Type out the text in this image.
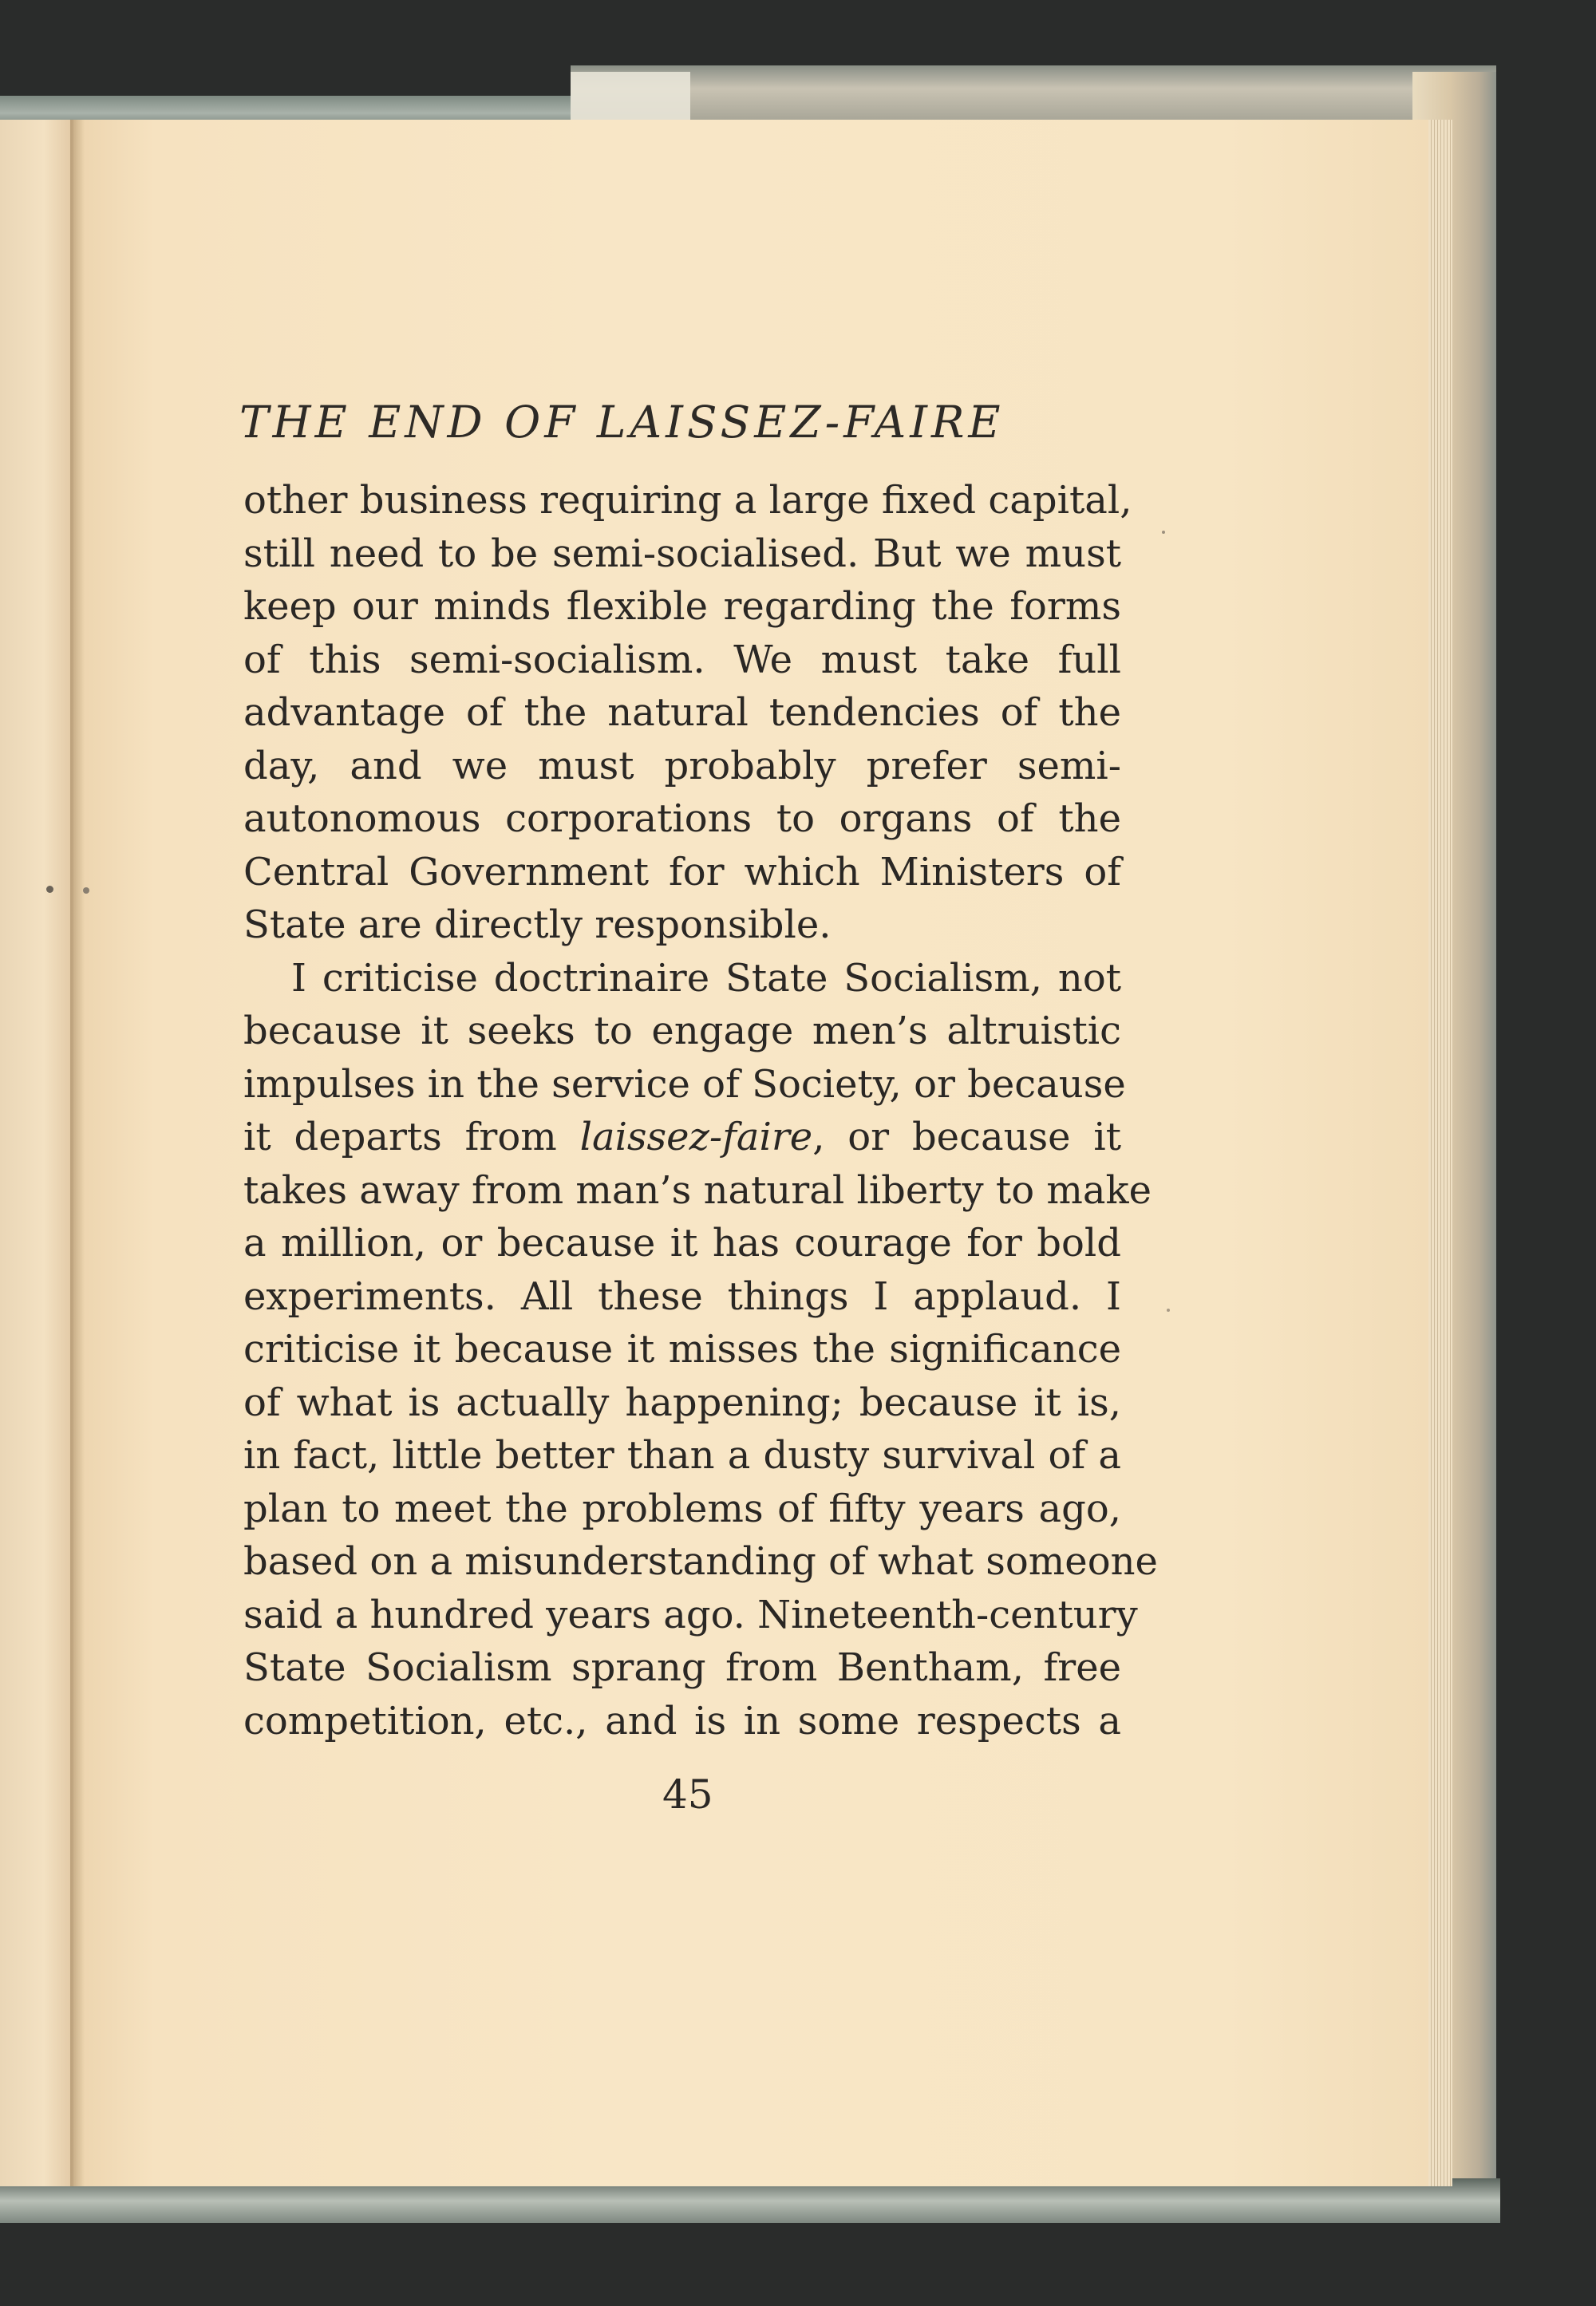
THE END OF LAISSEZ-FAIRE
other business requiring a large fixed capital,
still need to be semi-socialised. But we must
keep our minds flexible regarding the forms
of this semi-socialism. We must take full
advantage of the natural tendencies of the
day, and we must probably prefer semi-
autonomous corporations to organs of the
Central Government for which Ministers of
State are directly responsible.
I criticise doctrinaire State Socialism, not
because it seeks to engage men’s altruistic
impulses in the service of Society, or because
it departs from laissez-faire, or because it
takes away from man’s natural liberty to make
a million, or because it has courage for bold
experiments. All these things I applaud. I
criticise it because it misses the significance
of what is actually happening; because it is,
in fact, little better than a dusty survival of a
plan to meet the problems of fifty years ago,
based on a misunderstanding of what someone
said a hundred years ago. Nineteenth-century
State Socialism sprang from Bentham, free
competition, etc., and is in some respects a
45
